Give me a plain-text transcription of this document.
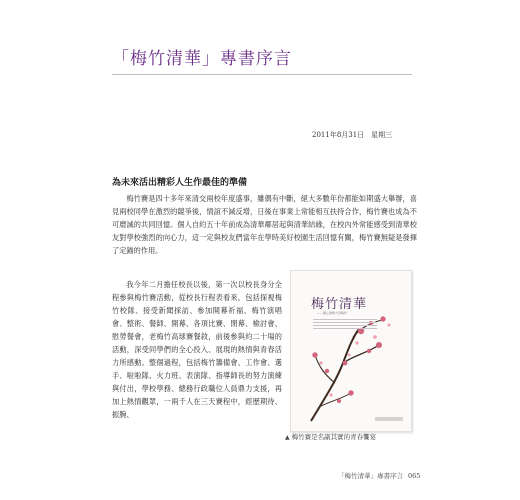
「梅竹清華」專書序言
2011年8月31日　星期三
為未來活出精彩人生作最佳的準備

梅竹賽是四十多年來清交兩校年度盛事，雖偶有中斷，絕大多數年份都能如期盛大舉辦，喜見兩校同學在激烈的競爭後，情誼不減反增，日後在事業上常能相互扶持合作，梅竹賽也成為不可磨滅的共同回憶。個人自約五十年前成為清華鄰居起與清華結緣，在校內外常能感受到清華校友對學校強烈的向心力，這一定與校友們當年在學時美好校園生活回憶有關，梅竹賽無疑是發揮了定錨的作用。

我今年二月擔任校長以後，第一次以校長身分全程參與梅竹賽活動，從校長行程表看來，包括探視梅竹校隊、接受新聞採訪、參加開幕祈福、梅竹演唱會、整術、餐師、開幕、各項比賽、閉幕、檢討會、慰勞餐會，老梅竹高球賽餐敘，前後參與約二十場的活動，深受同學們的全心投入、展現的熱情與青春活力所感動。整個過程，包括梅竹籌備會、工作會、選手、啦啦隊、火力班、表演隊、指導師長的努力演練與付出，學校學務、總務行政職位人員鼎力支援，再加上熱情觀眾，一兩千人在三天賽程中，經歷期待、振腕、

梅竹清華
——國立清華大學梅竹
▲ 梅竹賽是名副其實的青春饗宴
「梅竹清華」專書序言 065
